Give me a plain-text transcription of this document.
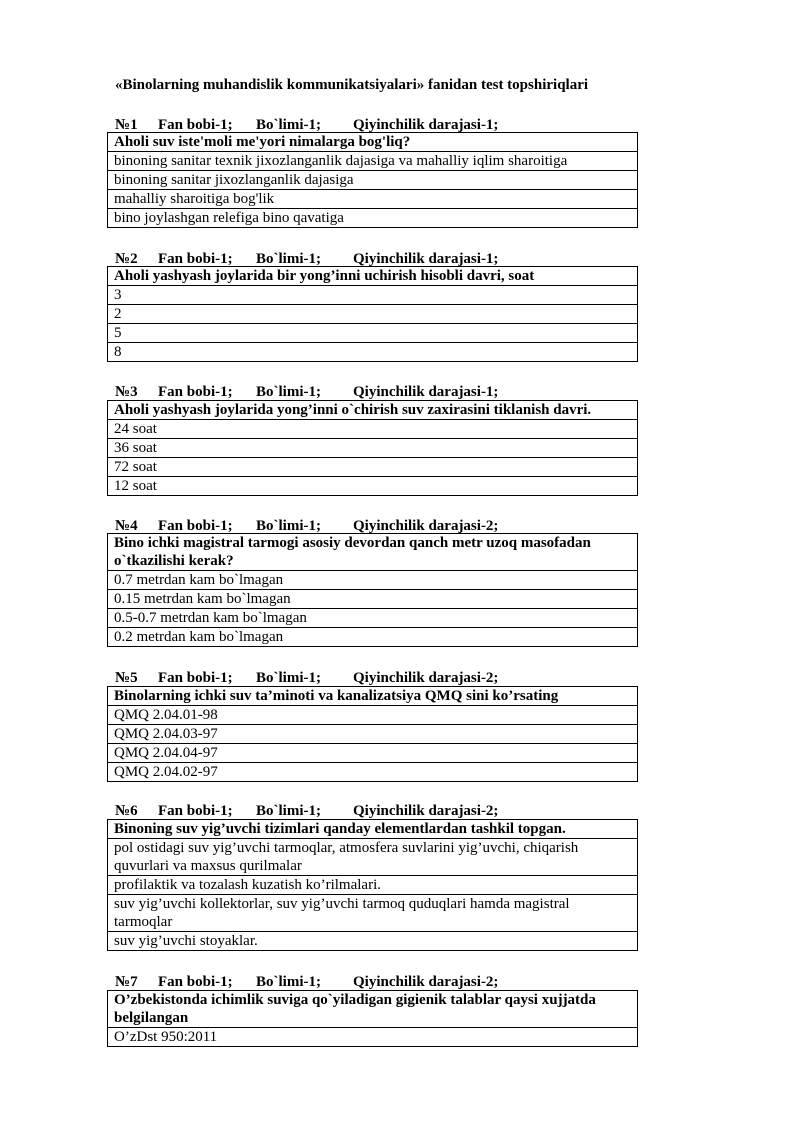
«Binolarning muhandislik kommunikatsiyalari» fanidan test topshiriqlari
№1 Fan bobi-1; Bo`limi-1; Qiyinchilik darajasi-1;
Aholi suv iste'moli me'yori nimalarga bog'liq?
binoning sanitar texnik jixozlanganlik dajasiga va mahalliy iqlim sharoitiga
binoning sanitar jixozlanganlik dajasiga
mahalliy sharoitiga bog'lik
bino joylashgan relefiga bino qavatiga
№2 Fan bobi-1; Bo`limi-1; Qiyinchilik darajasi-1;
Aholi yashyash joylarida bir yong’inni uchirish hisobli davri, soat
3
2
5
8
№3 Fan bobi-1; Bo`limi-1; Qiyinchilik darajasi-1;
Aholi yashyash joylarida yong’inni o`chirish suv zaxirasini tiklanish davri.
24 soat
36 soat
72 soat
12 soat
№4 Fan bobi-1; Bo`limi-1; Qiyinchilik darajasi-2;
Bino ichki magistral tarmogi asosiy devordan qanch metr uzoq masofadan o`tkazilishi kerak?
0.7 metrdan kam bo`lmagan
0.15 metrdan kam bo`lmagan
0.5-0.7 metrdan kam bo`lmagan
0.2 metrdan kam bo`lmagan
№5 Fan bobi-1; Bo`limi-1; Qiyinchilik darajasi-2;
Binolarning ichki suv ta’minoti va kanalizatsiya QMQ sini ko’rsating
QMQ 2.04.01-98
QMQ 2.04.03-97
QMQ 2.04.04-97
QMQ 2.04.02-97
№6 Fan bobi-1; Bo`limi-1; Qiyinchilik darajasi-2;
Binoning suv yig’uvchi tizimlari qanday elementlardan tashkil topgan.
pol ostidagi suv yig’uvchi tarmoqlar, atmosfera suvlarini yig’uvchi, chiqarish quvurlari va maxsus qurilmalar
profilaktik va tozalash kuzatish ko’rilmalari.
suv yig’uvchi kollektorlar, suv yig’uvchi tarmoq quduqlari hamda magistral tarmoqlar
suv yig’uvchi stoyaklar.
№7 Fan bobi-1; Bo`limi-1; Qiyinchilik darajasi-2;
O’zbekistonda ichimlik suviga qo`yiladigan gigienik talablar qaysi xujjatda belgilangan
O’zDst 950:2011
